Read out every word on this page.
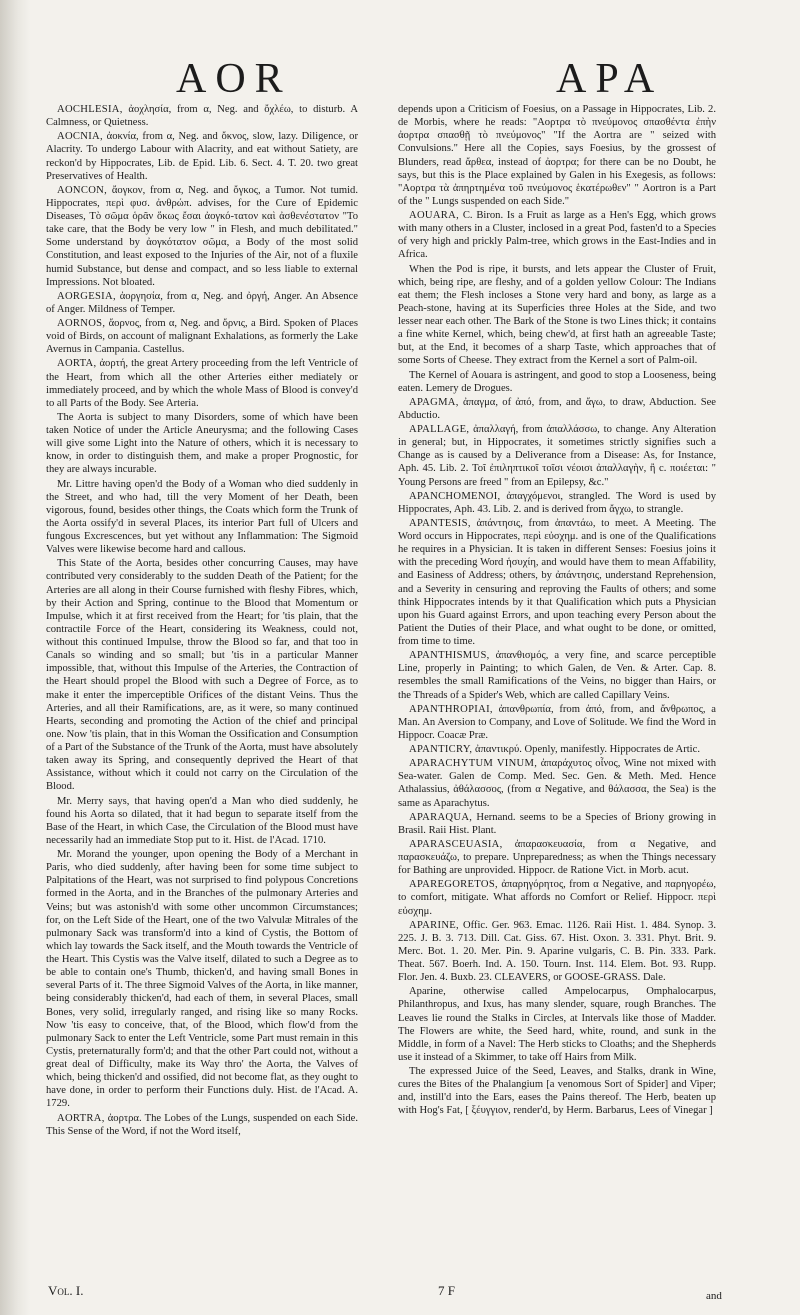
AOR	APA

AOCHLESIA, ἀοχλησία, from α, Neg. and ὄχλέω, to disturb. A Calmness, or Quietness.

AOCNIA, ἀοκνία, from α, Neg. and ὄκνος, slow, lazy. Diligence, or Alacrity. To undergo Labour with Alacrity, and eat without Satiety, are reckon'd by Hippocrates, Lib. de Epid. Lib. 6. Sect. 4. T. 20. two great Preservatives of Health.

AONCON, ἄογκον, from α, Neg. and ὄγκος, a Tumor. Not tumid. Hippocrates, περὶ φυσ. ἀνθρώπ. advises, for the Cure of Epidemic Diseases, Τὸ σῶμα ὁρᾶν ὅκως ἔσαι ἀογκό-τατον καὶ ἀσθενέστατον "To take care, that the Body be very low " in Flesh, and much debilitated." Some understand by ἀογκότατον σῶμα, a Body of the most solid Constitution, and least exposed to the Injuries of the Air, not of a fluxile humid Substance, but dense and compact, and so less liable to external Impressions. Not bloated.

AORGESIA, ἀοργησία, from α, Neg. and ὀργή, Anger. An Absence of Anger. Mildness of Temper.

AORNOS, ἄορνος, from α, Neg. and ὄρνις, a Bird. Spoken of Places void of Birds, on account of malignant Exhalations, as formerly the Lake Avernus in Campania. Castellus.

AORTA, ἀορτή, the great Artery proceeding from the left Ventricle of the Heart, from which all the other Arteries either mediately or immediately proceed, and by which the whole Mass of Blood is convey'd to all Parts of the Body. See Arteria.

The Aorta is subject to many Disorders, some of which have been taken Notice of under the Article Aneurysma; and the following Cases will give some Light into the Nature of others, which it is necessary to know, in order to distinguish them, and make a proper Prognostic, for they are always incurable.

Mr. Littre having open'd the Body of a Woman who died suddenly in the Street, and who had, till the very Moment of her Death, been vigorous, found, besides other things, the Coats which form the Trunk of the Aorta ossify'd in several Places, its interior Part full of Ulcers and fungous Excrescences, but yet without any Inflammation: The Sigmoid Valves were likewise become hard and callous.

This State of the Aorta, besides other concurring Causes, may have contributed very considerably to the sudden Death of the Patient; for the Arteries are all along in their Course furnished with fleshy Fibres, which, by their Action and Spring, continue to the Blood that Momentum or Impulse, which it at first received from the Heart; for 'tis plain, that the contractile Force of the Heart, considering its Weakness, could not, without this continued Impulse, throw the Blood so far, and that too in Canals so winding and so small; but 'tis in a particular Manner impossible, that, without this Impulse of the Arteries, the Contraction of the Heart should propel the Blood with such a Degree of Force, as to make it enter the imperceptible Orifices of the distant Veins. Thus the Arteries, and all their Ramifications, are, as it were, so many continued Hearts, seconding and promoting the Action of the chief and principal one. Now 'tis plain, that in this Woman the Ossification and Consumption of a Part of the Substance of the Trunk of the Aorta, must have absolutely taken away its Spring, and consequently deprived the Heart of that Assistance, without which it could not carry on the Circulation of the Blood.

Mr. Merry says, that having open'd a Man who died suddenly, he found his Aorta so dilated, that it had begun to separate itself from the Base of the Heart, in which Case, the Circulation of the Blood must have necessarily had an immediate Stop put to it. Hist. de l'Acad. 1710.

Mr. Morand the younger, upon opening the Body of a Merchant in Paris, who died suddenly, after having been for some time subject to Palpitations of the Heart, was not surprised to find polypous Concretions formed in the Aorta, and in the Branches of the pulmonary Arteries and Veins; but was astonish'd with some other uncommon Circumstances; for, on the Left Side of the Heart, one of the two Valvulæ Mitrales of the pulmonary Sack was transform'd into a kind of Cystis, the Bottom of which lay towards the Sack itself, and the Mouth towards the Ventricle of the Heart. This Cystis was the Valve itself, dilated to such a Degree as to be able to contain one's Thumb, thicken'd, and having small Bones in several Parts of it. The three Sigmoid Valves of the Aorta, in like manner, being considerably thicken'd, had each of them, in several Places, small Bones, very solid, irregularly ranged, and rising like so many Rocks. Now 'tis easy to conceive, that, of the Blood, which flow'd from the pulmonary Sack to enter the Left Ventricle, some Part must remain in this Cystis, preternaturally form'd; and that the other Part could not, without a great deal of Difficulty, make its Way thro' the Aorta, the Valves of which, being thicken'd and ossified, did not become flat, as they ought to have done, in order to perform their Functions duly. Hist. de l'Acad. A. 1729.

AORTRA, ἀορτρα. The Lobes of the Lungs, suspended on each Side. This Sense of the Word, if not the Word itself,

depends upon a Criticism of Foesius, on a Passage in Hippocrates, Lib. 2. de Morbis, where he reads: "Αορτρα τὸ πνεύμονος σπασθέντα ἐπὴν ἀορτρα σπασθῇ τὸ πνεύμονος" "If the Aortra are " seized with Convulsions." Here all the Copies, says Foesius, by the grossest of Blunders, read ἄρθεα, instead of ἀορτρα; for there can be no Doubt, he says, but this is the Place explained by Galen in his Exegesis, as follows: "Αορτρα τὰ ἀπηρτημένα τοῦ πνεύμονος ἑκατέρωθεν" " Aortron is a Part of the " Lungs suspended on each Side."

AOUARA, C. Biron. Is a Fruit as large as a Hen's Egg, which grows with many others in a Cluster, inclosed in a great Pod, fasten'd to a Species of very high and prickly Palm-tree, which grows in the East-Indies and in Africa.

When the Pod is ripe, it bursts, and lets appear the Cluster of Fruit, which, being ripe, are fleshy, and of a golden yellow Colour: The Indians eat them; the Flesh incloses a Stone very hard and bony, as large as a Peach-stone, having at its Superficies three Holes at the Side, and two lesser near each other. The Bark of the Stone is two Lines thick; it contains a fine white Kernel, which, being chew'd, at first hath an agreeable Taste; but, at the End, it becomes of a sharp Taste, which approaches that of some Sorts of Cheese. They extract from the Kernel a sort of Palm-oil.

The Kernel of Aouara is astringent, and good to stop a Looseness, being eaten. Lemery de Drogues.

APAGMA, ἀπαγμα, of ἀπό, from, and ἄγω, to draw, Abduction. See Abductio.

APALLAGE, ἀπαλλαγή, from ἀπαλλάσσω, to change. Any Alteration in general; but, in Hippocrates, it sometimes strictly signifies such a Change as is caused by a Deliverance from a Disease: As, for Instance, Aph. 45. Lib. 2. Τοῖ ἐπιληπτικοῖ τοῖσι νέοισι ἀπαλλαγὴν, ἢ c. ποιέεται: " Young Persons are freed " from an Epilepsy, &c."

APANCHOMENOI, ἀπαγχόμενοι, strangled. The Word is used by Hippocrates, Aph. 43. Lib. 2. and is derived from ἄγχω, to strangle.

APANTESIS, ἀπάντησις, from ἀπαντάω, to meet. A Meeting. The Word occurs in Hippocrates, περὶ εὐσχημ. and is one of the Qualifications he requires in a Physician. It is taken in different Senses: Foesius joins it with the preceding Word ἡσυχίη, and would have them to mean Affability, and Easiness of Address; others, by ἀπάντησις, understand Reprehension, and a Severity in censuring and reproving the Faults of others; and some think Hippocrates intends by it that Qualification which puts a Physician upon his Guard against Errors, and upon teaching every Person about the Patient the Duties of their Place, and what ought to be done, or omitted, from time to time.

APANTHISMUS, ἀπανθισμός, a very fine, and scarce perceptible Line, properly in Painting; to which Galen, de Ven. & Arter. Cap. 8. resembles the small Ramifications of the Veins, no bigger than Hairs, or the Threads of a Spider's Web, which are called Capillary Veins.

APANTHROPIAI, ἀπανθρωπία, from ἀπό, from, and ἄνθρωπος, a Man. An Aversion to Company, and Love of Solitude. We find the Word in Hippocr. Coacæ Præ.

APANTICRY, ἀπαντικρύ. Openly, manifestly. Hippocrates de Artic.

APARACHYTUM VINUM, ἀπαράχυτος οἶνος, Wine not mixed with Sea-water. Galen de Comp. Med. Sec. Gen. & Meth. Med. Hence Athalassius, ἀθάλασσος, (from α Negative, and θάλασσα, the Sea) is the same as Aparachytus.

APARAQUA, Hernand. seems to be a Species of Briony growing in Brasil. Raii Hist. Plant.

APARASCEUASIA, ἀπαρασκευασία, from α Negative, and παρασκευάζω, to prepare. Unpreparedness; as when the Things necessary for Bathing are unprovided. Hippocr. de Ratione Vict. in Morb. acut.

APAREGORETOS, ἀπαρηγόρητος, from α Negative, and παρηγορέω, to comfort, mitigate. What affords no Comfort or Relief. Hippocr. περὶ εὐσχημ.

APARINE, Offic. Ger. 963. Emac. 1126. Raii Hist. 1. 484. Synop. 3. 225. J. B. 3. 713. Dill. Cat. Giss. 67. Hist. Oxon. 3. 331. Phyt. Brit. 9. Merc. Bot. 1. 20. Mer. Pin. 9. Aparine vulgaris, C. B. Pin. 333. Park. Theat. 567. Boerh. Ind. A. 150. Tourn. Inst. 114. Elem. Bot. 93. Rupp. Flor. Jen. 4. Buxb. 23. CLEAVERS, or GOOSE-GRASS. Dale.

Aparine, otherwise called Ampelocarpus, Omphalocarpus, Philanthropus, and Ixus, has many slender, square, rough Branches. The Leaves lie round the Stalks in Circles, at Intervals like those of Madder. The Flowers are white, the Seed hard, white, round, and sunk in the Middle, in form of a Navel: The Herb sticks to Cloaths; and the Shepherds use it instead of a Skimmer, to take off Hairs from Milk.

The expressed Juice of the Seed, Leaves, and Stalks, drank in Wine, cures the Bites of the Phalangium [a venomous Sort of Spider] and Viper; and, instill'd into the Ears, eases the Pains thereof. The Herb, beaten up with Hog's Fat, [ ξέυγγιον, render'd, by Herm. Barbarus, Lees of Vinegar ]

Vol. I.	7 F	and
